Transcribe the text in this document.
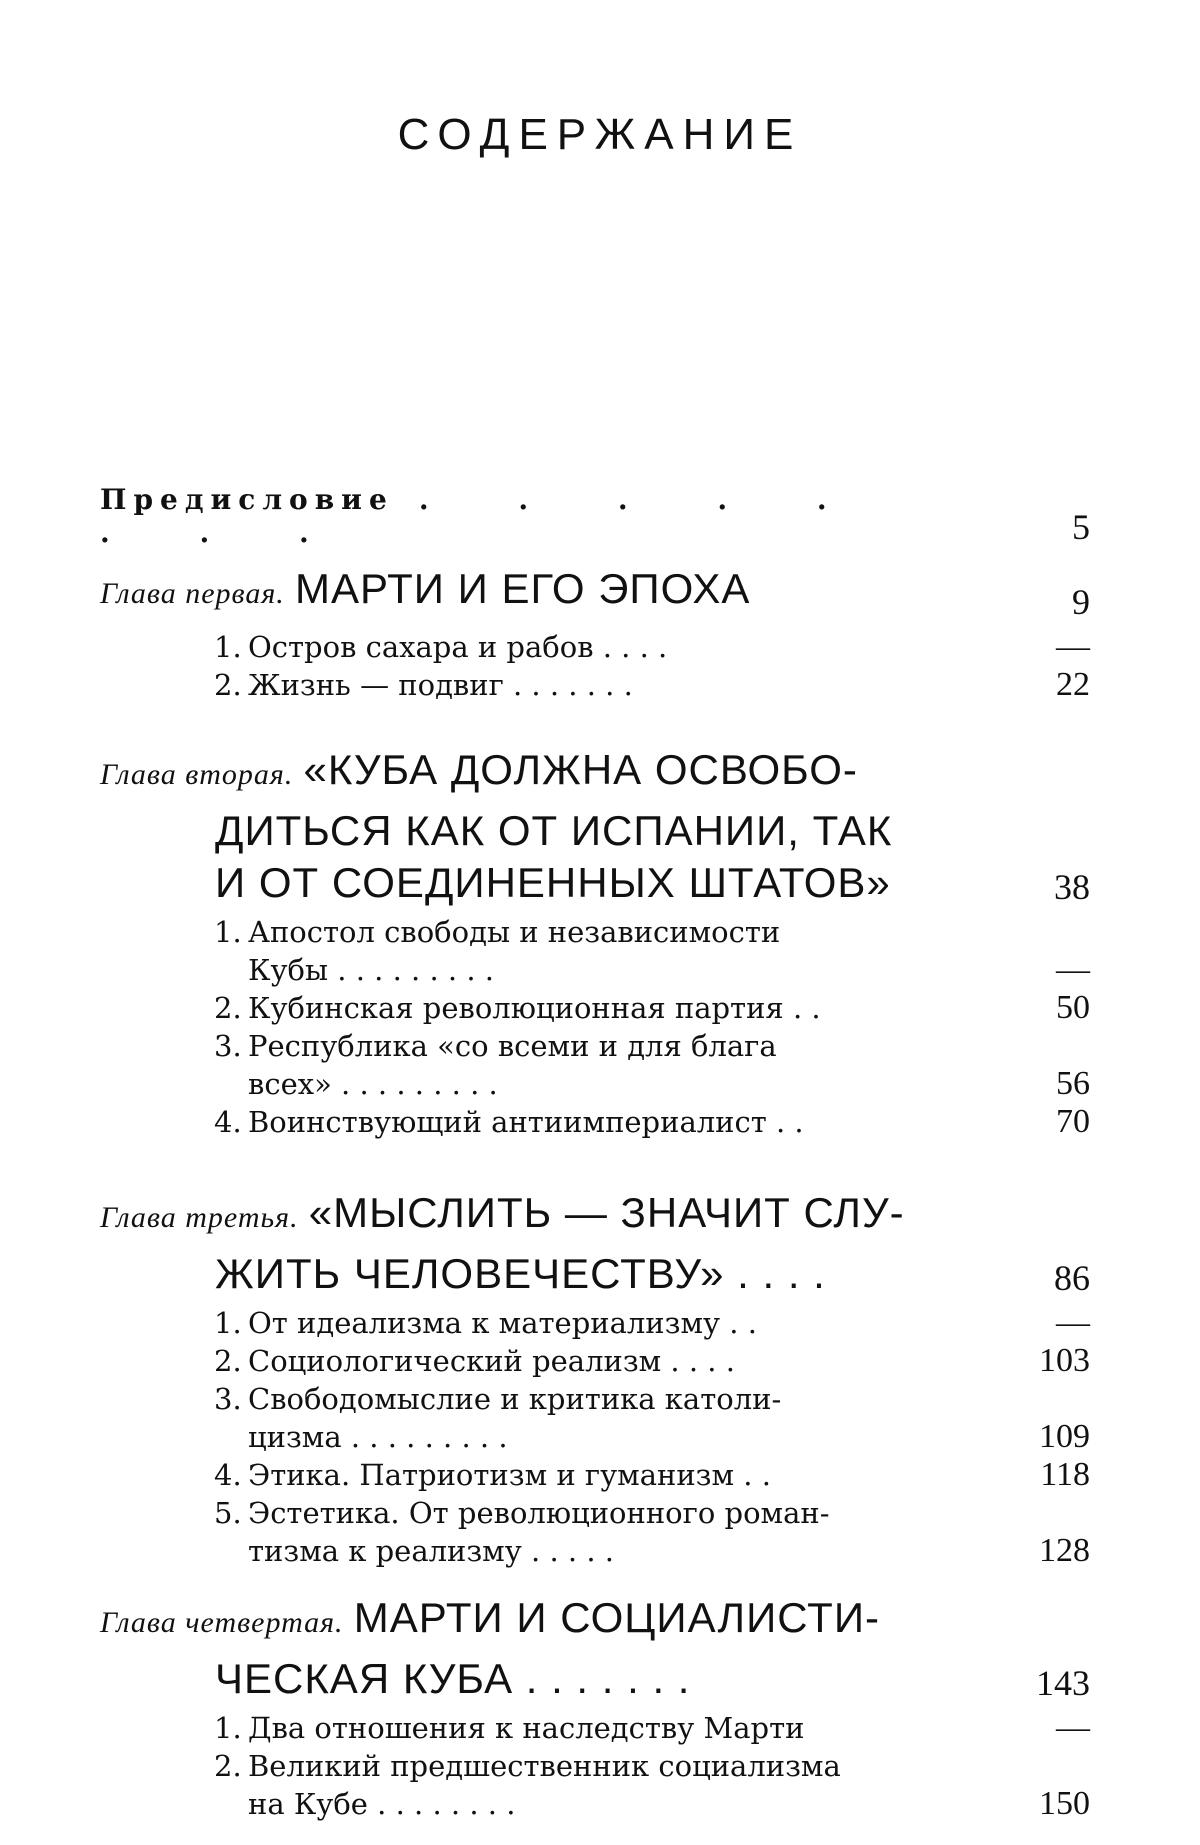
СОДЕРЖАНИЕ
Предисловие . . . . . . . .	5
Глава первая. МАРТИ И ЕГО ЭПОХА	9
1. Остров сахара и рабов . . . .	—
2. Жизнь — подвиг . . . . . . .	22
Глава вторая. «КУБА ДОЛЖНА ОСВОБО-
ДИТЬСЯ КАК ОТ ИСПАНИИ, ТАК
И ОТ СОЕДИНЕННЫХ ШТАТОВ»	38
1. Апостол свободы и независимости
Кубы . . . . . . . . .	—
2. Кубинская революционная партия . .	50
3. Республика «со всеми и для блага
всех» . . . . . . . . .	56
4. Воинствующий антиимпериалист . .	70
Глава третья. «МЫСЛИТЬ — ЗНАЧИТ СЛУ-
ЖИТЬ ЧЕЛОВЕЧЕСТВУ» . . . .	86
1. От идеализма к материализму . .	—
2. Социологический реализм . . . .	103
3. Свободомыслие и критика католи-
цизма . . . . . . . . .	109
4. Этика. Патриотизм и гуманизм . .	118
5. Эстетика. От революционного роман-
тизма к реализму . . . . .	128
Глава четвертая. МАРТИ И СОЦИАЛИСТИ-
ЧЕСКАЯ КУБА . . . . . . .	143
1. Два отношения к наследству Марти	—
2. Великий предшественник социализма
на Кубе . . . . . . . .	150
